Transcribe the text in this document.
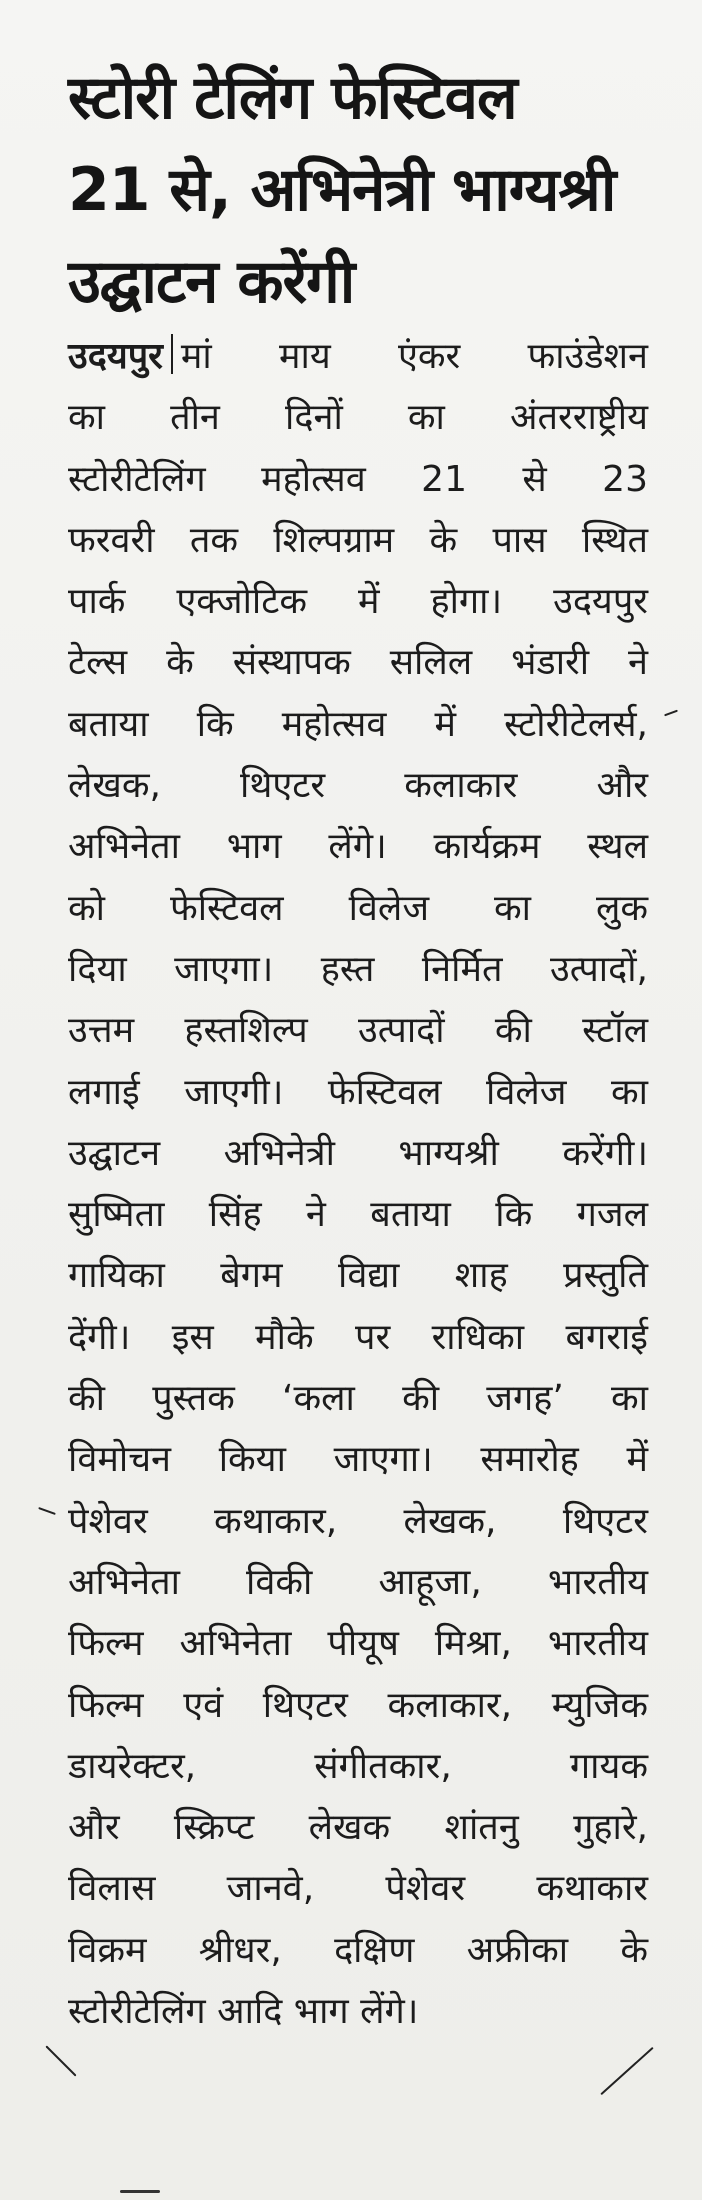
स्टोरी टेलिंग फेस्टिवल
21 से, अभिनेत्री भाग्यश्री
उद्घाटन करेंगी
उदयपुर मां माय एंकर फाउंडेशन
का तीन दिनों का अंतरराष्ट्रीय
स्टोरीटेलिंग महोत्सव 21 से 23
फरवरी तक शिल्पग्राम के पास स्थित
पार्क एक्जोटिक में होगा। उदयपुर
टेल्स के संस्थापक सलिल भंडारी ने
बताया कि महोत्सव में स्टोरीटेलर्स,
लेखक, थिएटर कलाकार और
अभिनेता भाग लेंगे। कार्यक्रम स्थल
को फेस्टिवल विलेज का लुक
दिया जाएगा। हस्त निर्मित उत्पादों,
उत्तम हस्तशिल्प उत्पादों की स्टॉल
लगाई जाएगी। फेस्टिवल विलेज का
उद्घाटन अभिनेत्री भाग्यश्री करेंगी।
सुष्मिता सिंह ने बताया कि गजल
गायिका बेगम विद्या शाह प्रस्तुति
देंगी। इस मौके पर राधिका बगराई
की पुस्तक ‘कला की जगह’ का
विमोचन किया जाएगा। समारोह में
पेशेवर कथाकार, लेखक, थिएटर
अभिनेता विकी आहूजा, भारतीय
फिल्म अभिनेता पीयूष मिश्रा, भारतीय
फिल्म एवं थिएटर कलाकार, म्युजिक
डायरेक्टर, संगीतकार, गायक
और स्क्रिप्ट लेखक शांतनु गुहारे,
विलास जानवे, पेशेवर कथाकार
विक्रम श्रीधर, दक्षिण अफ्रीका के
स्टोरीटेलिंग आदि भाग लेंगे।
